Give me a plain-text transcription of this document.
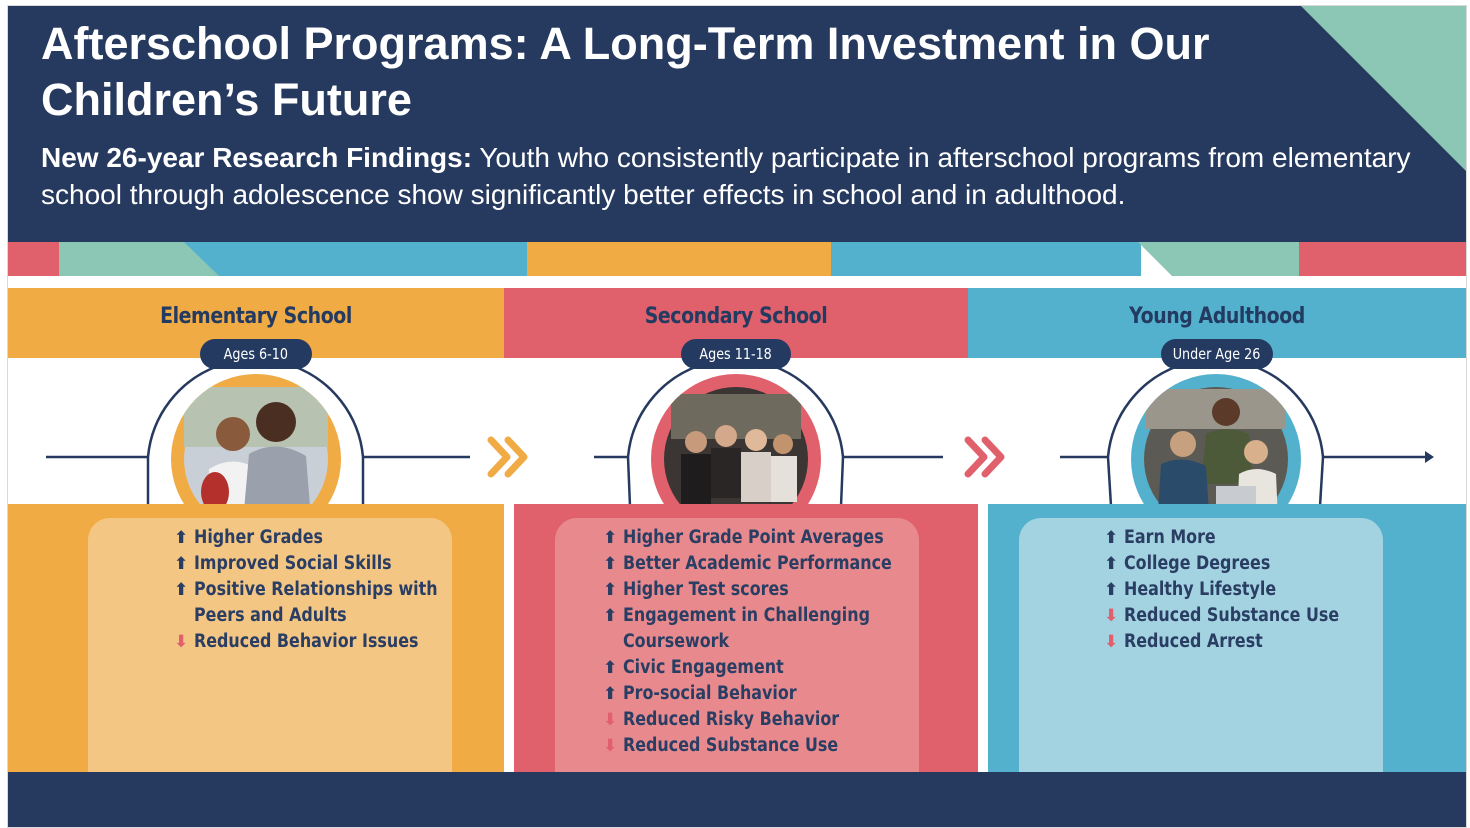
Afterschool Programs: A Long-Term Investment in Our Children’s Future

New 26-year Research Findings: Youth who consistently participate in afterschool programs from elementary school through adolescence show significantly better effects in school and in adulthood.

Elementary School	Secondary School	Young Adulthood
Ages 6-10	Ages 11-18	Under Age 26
⬆ Higher Grades
⬆ Improved Social Skills
⬆ Positive Relationships with
Peers and Adults
⬇ Reduced Behavior Issues
⬆ Higher Grade Point Averages
⬆ Better Academic Performance
⬆ Higher Test scores
⬆ Engagement in Challenging
Coursework
⬆ Civic Engagement
⬆ Pro-social Behavior
⬇ Reduced Risky Behavior
⬇ Reduced Substance Use
⬆ Earn More
⬆ College Degrees
⬆ Healthy Lifestyle
⬇ Reduced Substance Use
⬇ Reduced Arrest
